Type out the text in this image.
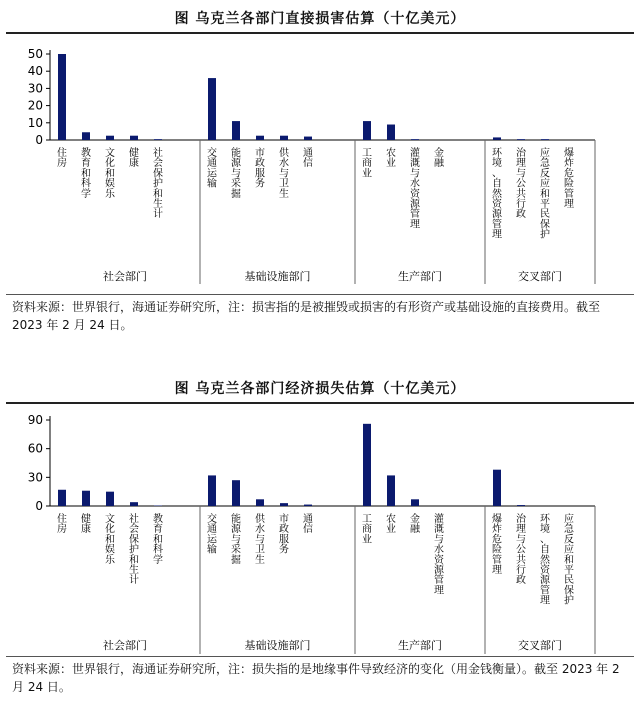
图 乌克兰各部门直接损害估算（十亿美元）
0
10
20
30
40
50
社会部门
住房
教育和科学
文化和娱乐
健康
社会保护和生计
基础设施部门
交通运输
能源与采掘
市政服务
供水与卫生
通信
生产部门
工商业
农业
灌溉与水资源管理
金融
交叉部门
环境、自然资源管理
治理与公共行政
应急反应和平民保护
爆炸危险管理
资料来源：世界银行，海通证券研究所，注：损害指的是被摧毁或损害的有形资产或基础设施的直接费用。截至 2023 年 2 月 24 日。
图 乌克兰各部门经济损失估算（十亿美元）
0
30
60
90
社会部门
住房
健康
文化和娱乐
社会保护和生计
教育和科学
基础设施部门
交通运输
能源与采掘
供水与卫生
市政服务
通信
生产部门
工商业
农业
金融
灌溉与水资源管理
交叉部门
爆炸危险管理
治理与公共行政
环境、自然资源管理
应急反应和平民保护
资料来源：世界银行，海通证券研究所，注：损失指的是地缘事件导致经济的变化（用金钱衡量）。截至 2023 年 2 月 24 日。
